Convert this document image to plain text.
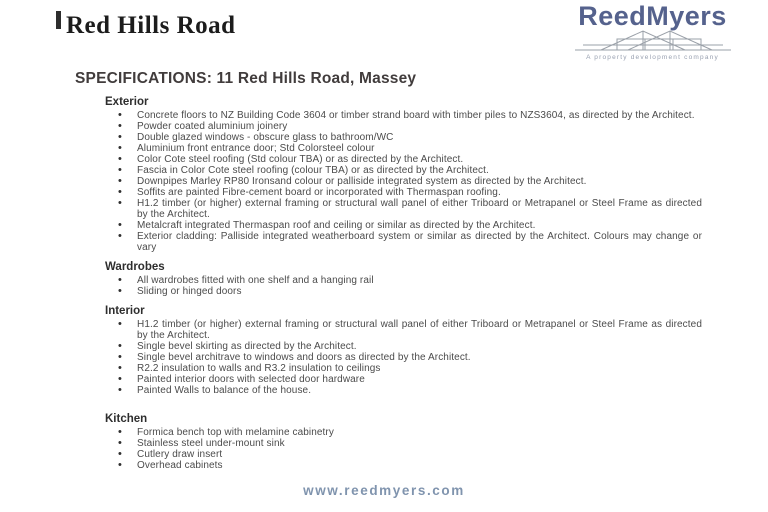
Red Hills Road	ReedMyers
A property development company
SPECIFICATIONS: 11 Red Hills Road, Massey
Exterior
• Concrete floors to NZ Building Code 3604 or timber strand board with timber piles to NZS3604, as directed by the Architect.
• Powder coated aluminium joinery
• Double glazed windows - obscure glass to bathroom/WC
• Aluminium front entrance door; Std Colorsteel colour
• Color Cote steel roofing (Std colour TBA) or as directed by the Architect.
• Fascia in Color Cote steel roofing (colour TBA) or as directed by the Architect.
• Downpipes Marley RP80 Ironsand colour or palliside integrated system as directed by the Architect.
• Soffits are painted Fibre-cement board or incorporated with Thermaspan roofing.
• H1.2 timber (or higher) external framing or structural wall panel of either Triboard or Metrapanel or Steel Frame as directed by the Architect.
• Metalcraft integrated Thermaspan roof and ceiling or similar as directed by the Architect.
• Exterior cladding: Palliside integrated weatherboard system or similar as directed by the Architect. Colours may change or vary
Wardrobes
• All wardrobes fitted with one shelf and a hanging rail
• Sliding or hinged doors
Interior
• H1.2 timber (or higher) external framing or structural wall panel of either Triboard or Metrapanel or Steel Frame as directed by the Architect.
• Single bevel skirting as directed by the Architect.
• Single bevel architrave to windows and doors as directed by the Architect.
• R2.2 insulation to walls and R3.2 insulation to ceilings
• Painted interior doors with selected door hardware
• Painted Walls to balance of the house.
Kitchen
• Formica bench top with melamine cabinetry
• Stainless steel under-mount sink
• Cutlery draw insert
• Overhead cabinets
www.reedmyers.com
